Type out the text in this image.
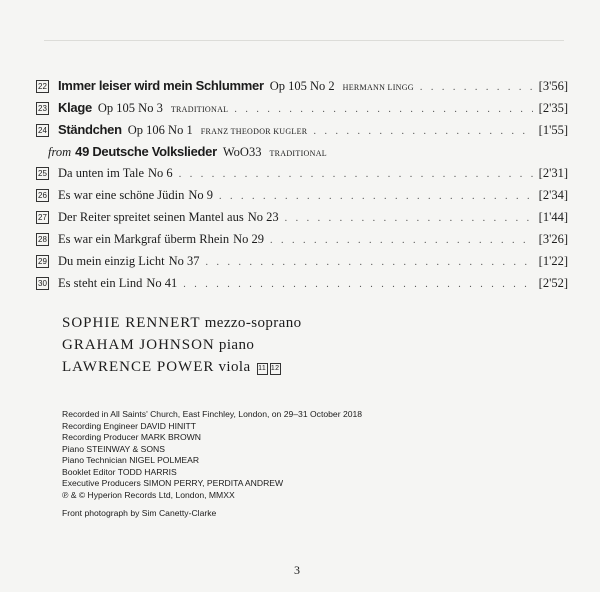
22 Immer leiser wird mein Schlummer Op 105 No 2 HERMANN LINGG . . .	[3'56]
23 Klage Op 105 No 3 TRADITIONAL . . .	[2'35]
24 Ständchen Op 106 No 1 FRANZ THEODOR KUGLER . . .	[1'55]
from 49 Deutsche Volkslieder WoO33 TRADITIONAL
25 Da unten im Tale No 6 . . .	[2'31]
26 Es war eine schöne Jüdin No 9 . . .	[2'34]
27 Der Reiter spreitet seinen Mantel aus No 23 . . .	[1'44]
28 Es war ein Markgraf überm Rhein No 29 . . .	[3'26]
29 Du mein einzig Licht No 37 . . .	[1'22]
30 Es steht ein Lind No 41 . . .	[2'52]
SOPHIE RENNERT mezzo-soprano
GRAHAM JOHNSON piano
LAWRENCE POWER viola 11 12
Recorded in All Saints' Church, East Finchley, London, on 29–31 October 2018
Recording Engineer DAVID HINITT
Recording Producer MARK BROWN
Piano STEINWAY & SONS
Piano Technician NIGEL POLMEAR
Booklet Editor TODD HARRIS
Executive Producers SIMON PERRY, PERDITA ANDREW
℗ & © Hyperion Records Ltd, London, MMXX
Front photograph by Sim Canetty-Clarke
3
